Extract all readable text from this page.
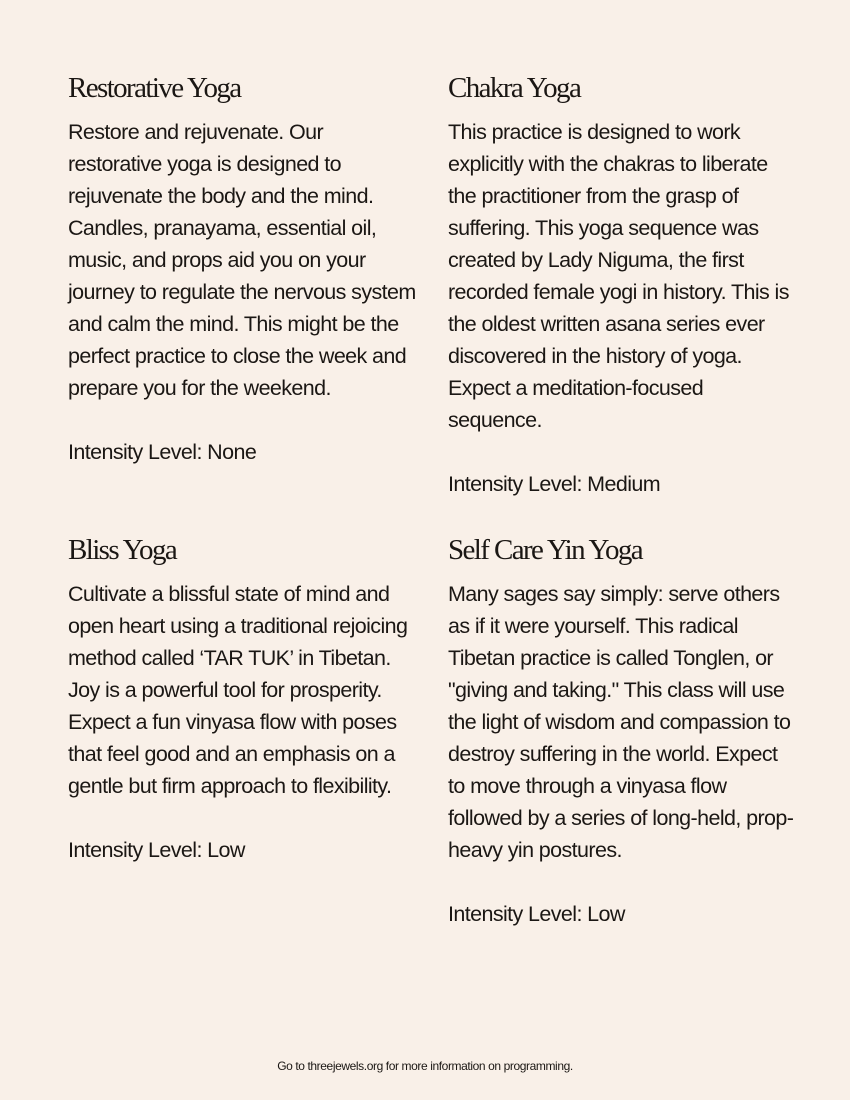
Restorative Yoga

Restore and rejuvenate. Our restorative yoga is designed to rejuvenate the body and the mind. Candles, pranayama, essential oil, music, and props aid you on your journey to regulate the nervous system and calm the mind. This might be the perfect practice to close the week and prepare you for the weekend.

Intensity Level: None

Chakra Yoga

This practice is designed to work explicitly with the chakras to liberate the practitioner from the grasp of suffering. This yoga sequence was created by Lady Niguma, the first recorded female yogi in history. This is the oldest written asana series ever discovered in the history of yoga. Expect a meditation-focused sequence.

Intensity Level: Medium

Bliss Yoga

Cultivate a blissful state of mind and open heart using a traditional rejoicing method called ‘TAR TUK’ in Tibetan. Joy is a powerful tool for prosperity. Expect a fun vinyasa flow with poses that feel good and an emphasis on a gentle but firm approach to flexibility.

Intensity Level: Low

Self Care Yin Yoga

Many sages say simply: serve others as if it were yourself. This radical Tibetan practice is called Tonglen, or "giving and taking." This class will use the light of wisdom and compassion to destroy suffering in the world. Expect to move through a vinyasa flow followed by a series of long-held, prop-heavy yin postures.

Intensity Level: Low

Go to threejewels.org for more information on programming.
